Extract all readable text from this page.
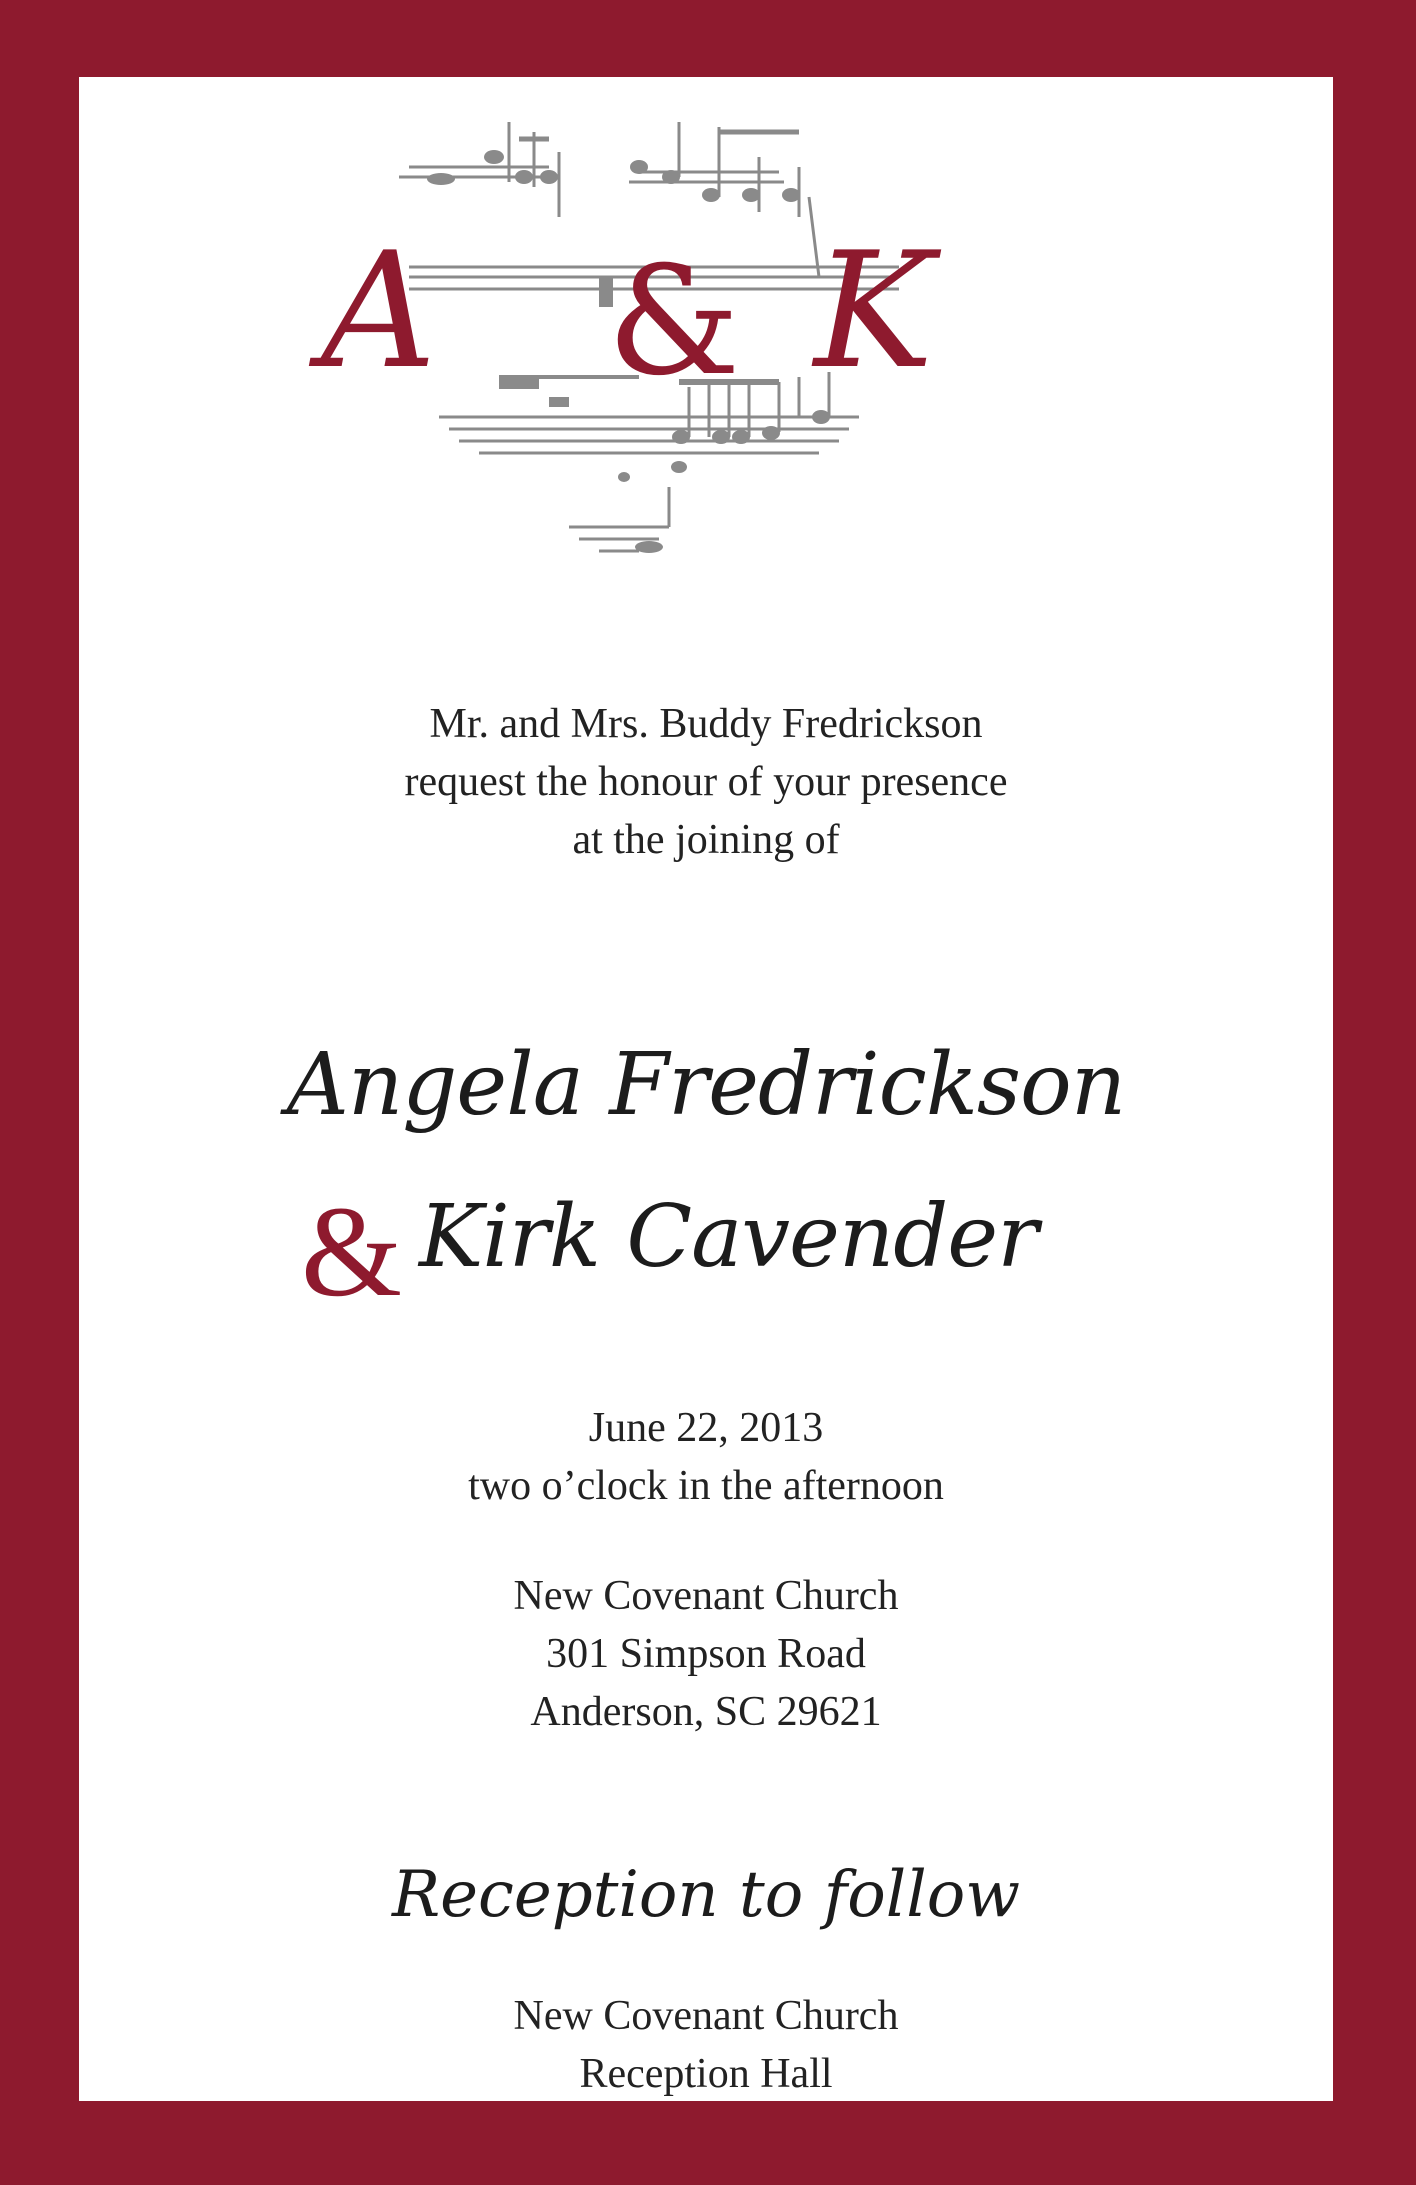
A & K
Mr. and Mrs. Buddy Fredrickson
request the honour of your presence
at the joining of
Angela Fredrickson
& Kirk Cavender
June 22, 2013
two o’clock in the afternoon
New Covenant Church
301 Simpson Road
Anderson, SC 29621
Reception to follow
New Covenant Church
Reception Hall
